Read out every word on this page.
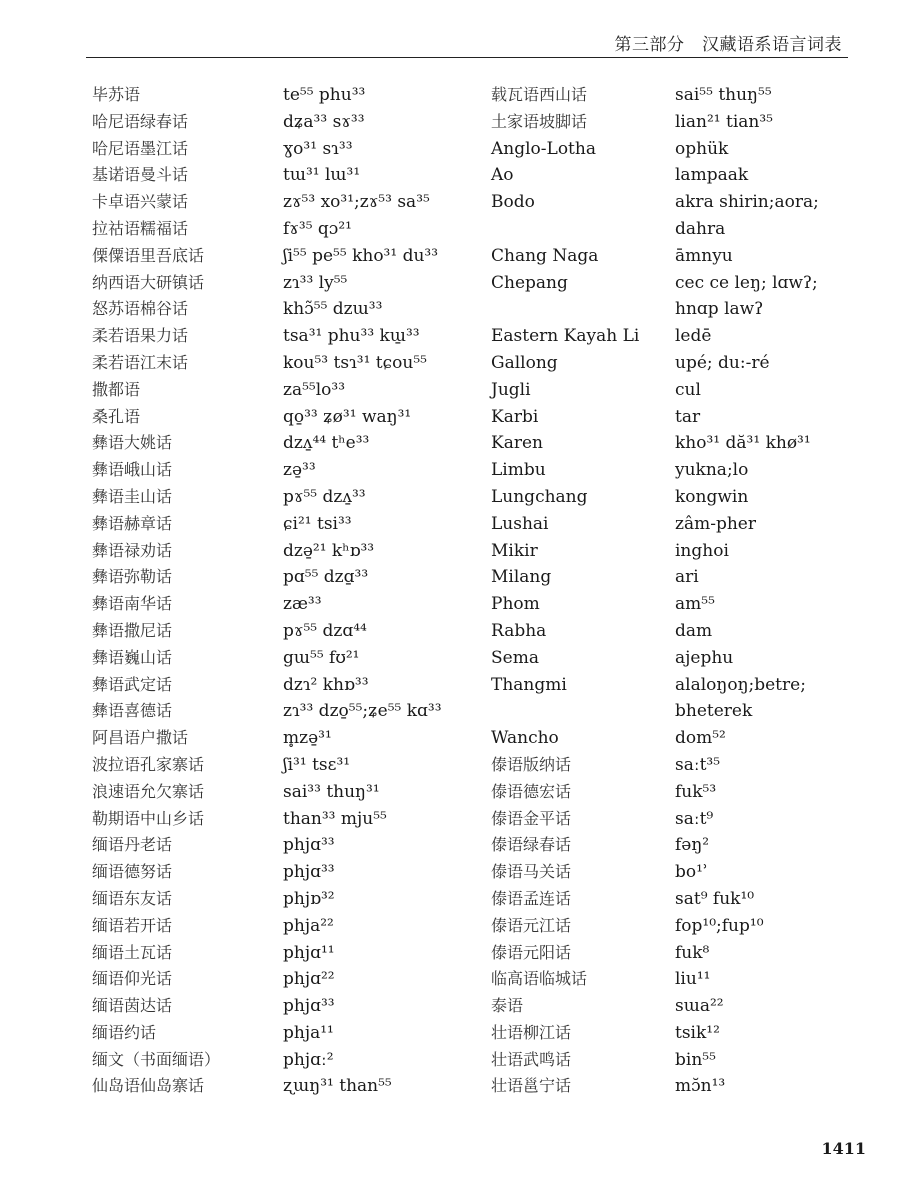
第三部分　汉藏语系语言词表
毕苏语
哈尼语绿春话
哈尼语墨江话
基诺语曼斗话
卡卓语兴蒙话
拉祜语糯福话
傈僳语里吾底话
纳西语大研镇话
怒苏语棉谷话
柔若语果力话
柔若语江末话
撒都语
桑孔语
彝语大姚话
彝语峨山话
彝语圭山话
彝语赫章话
彝语禄劝话
彝语弥勒话
彝语南华话
彝语撒尼话
彝语巍山话
彝语武定话
彝语喜德话
阿昌语户撒话
波拉语孔家寨话
浪速语允欠寨话
勒期语中山乡话
缅语丹老话
缅语德努话
缅语东友话
缅语若开话
缅语土瓦话
缅语仰光话
缅语茵达话
缅语约话
缅文（书面缅语）
仙岛语仙岛寨话
te⁵⁵ phu³³
dʑa³³ sɤ³³
ɣo³¹ sɿ³³
tɯ³¹ lɯ³¹
zɤ⁵³ xo³¹;zɤ⁵³ sa³⁵
fɤ³⁵ qɔ²¹
ʃi⁵⁵ pe⁵⁵ kho³¹ du³³
zɿ³³ ly⁵⁵
khɔ̃⁵⁵ dzɯ³³
tsa³¹ phu³³ kɯ̱³³
kou⁵³ tsɿ³¹ tɕou⁵⁵
za⁵⁵lo³³
qo̱³³ ʑø³¹ waŋ³¹
dzʌ̱⁴⁴ tʰe³³
zə̱³³
pɤ⁵⁵ dzʌ̱³³
ɕi²¹ tsi³³
dzə̱²¹ kʰɒ³³
pɑ⁵⁵ dzɑ̱³³
zæ³³
pɤ⁵⁵ dzɑ⁴⁴
gɯ⁵⁵ fʊ²¹
dzɿ² khɒ³³
zɿ³³ dzo̱⁵⁵;ʑe⁵⁵ kɑ³³
m̥zə̱³¹
ʃi³¹ tsɛ³¹
sai³³ thuŋ³¹
than³³ mju⁵⁵
phjɑ³³
phjɑ³³
phjɒ³²
phja²²
phjɑ¹¹
phjɑ²²
phjɑ³³
phja¹¹
phjɑː²
ʐɯŋ³¹ than⁵⁵
载瓦语西山话
土家语坡脚话
Anglo-Lotha
Ao
Bodo
Chang Naga
Chepang
Eastern Kayah Li
Gallong
Jugli
Karbi
Karen
Limbu
Lungchang
Lushai
Mikir
Milang
Phom
Rabha
Sema
Thangmi
Wancho
傣语版纳话
傣语德宏话
傣语金平话
傣语绿春话
傣语马关话
傣语孟连话
傣语元江话
傣语元阳话
临高语临城话
泰语
壮语柳江话
壮语武鸣话
壮语邕宁话
sai⁵⁵ thuŋ⁵⁵
lian²¹ tian³⁵
ophük
lampaak
akra shirin;aora;
dahra
āmnyu
cec ce leŋ; lɑwʔ;
hnɑp lawʔ
ledē
upé; du:-ré
cul
tar
kho³¹ dă³¹ khø³¹
yukna;lo
kongwin
zâm-pher
inghoi
ari
am⁵⁵
dam
ajephu
alaloŋoŋ;betre;
bheterek
dom⁵²
saːt³⁵
fuk⁵³
saːt⁹
fəŋ²
bo¹ʾ
sat⁹ fuk¹⁰
fop¹⁰;fup¹⁰
fuk⁸
liu¹¹
sɯa²²
tsik¹²
bin⁵⁵
mɔ̆n¹³
1411
